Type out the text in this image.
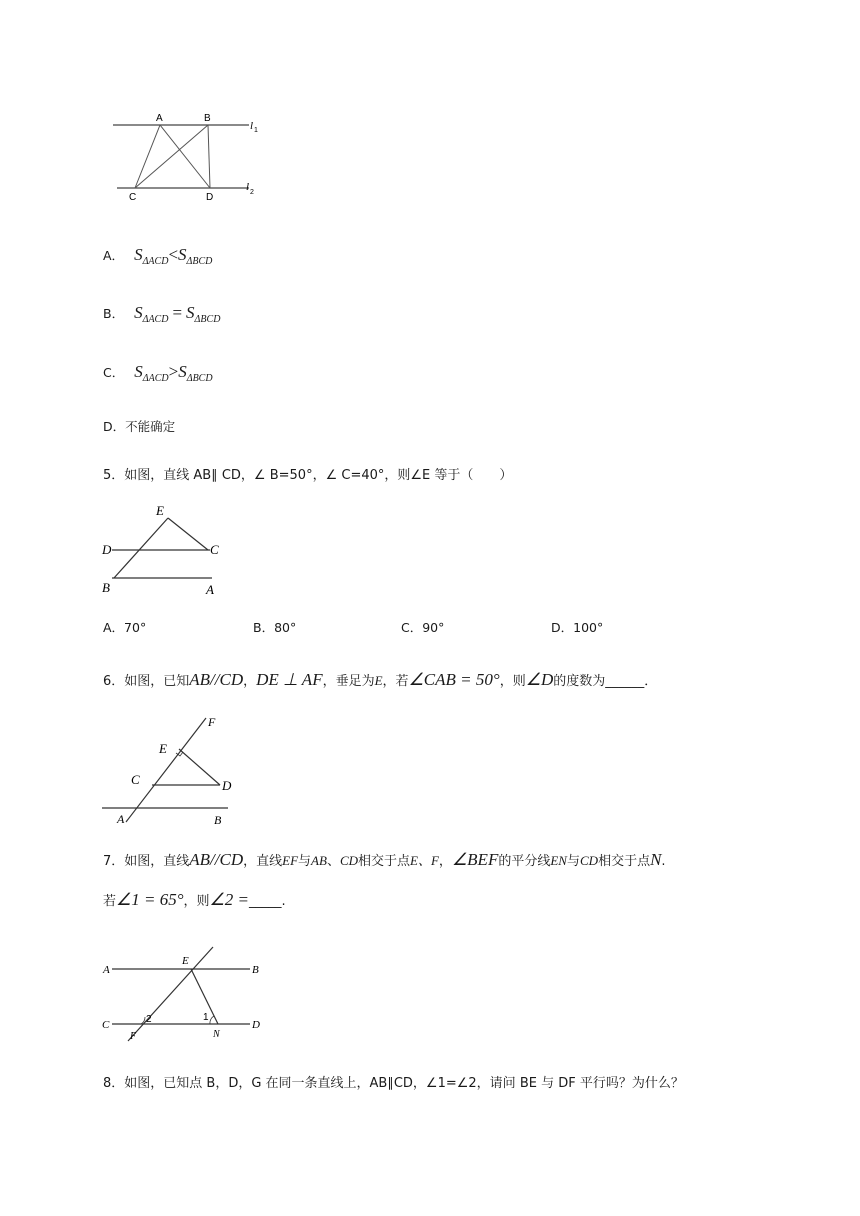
A	B
C	D
l 1
l 2
A． $S_{\Delta ACD}<S_{\Delta BCD}$
B． $S_{\Delta ACD} = S_{\Delta BCD}$
C． $S_{\Delta ACD}>S_{\Delta BCD}$
D．不能确定
5．如图，直线 AB∥ CD，∠ B=50°，∠ C=40°，则∠E 等于（　　）
E
D	C
B	A
A．70°	B．80°	C．90°	D．100°
6．如图，已知AB//CD，DE ⊥ AF，垂足为E，若∠CAB = 50°，则∠D的度数为______．
F
E
C	D
A	B
7．如图，直线AB//CD，直线EF与AB、CD相交于点E、F，∠BEF的平分线EN与CD相交于点N.
若∠1 = 65°，则∠2 =_____.
A
E
B
C	2	1
D
F	N
8．如图，已知点 B，D，G 在同一条直线上，AB∥CD，∠1=∠2，请问 BE 与 DF 平行吗？为什么？
